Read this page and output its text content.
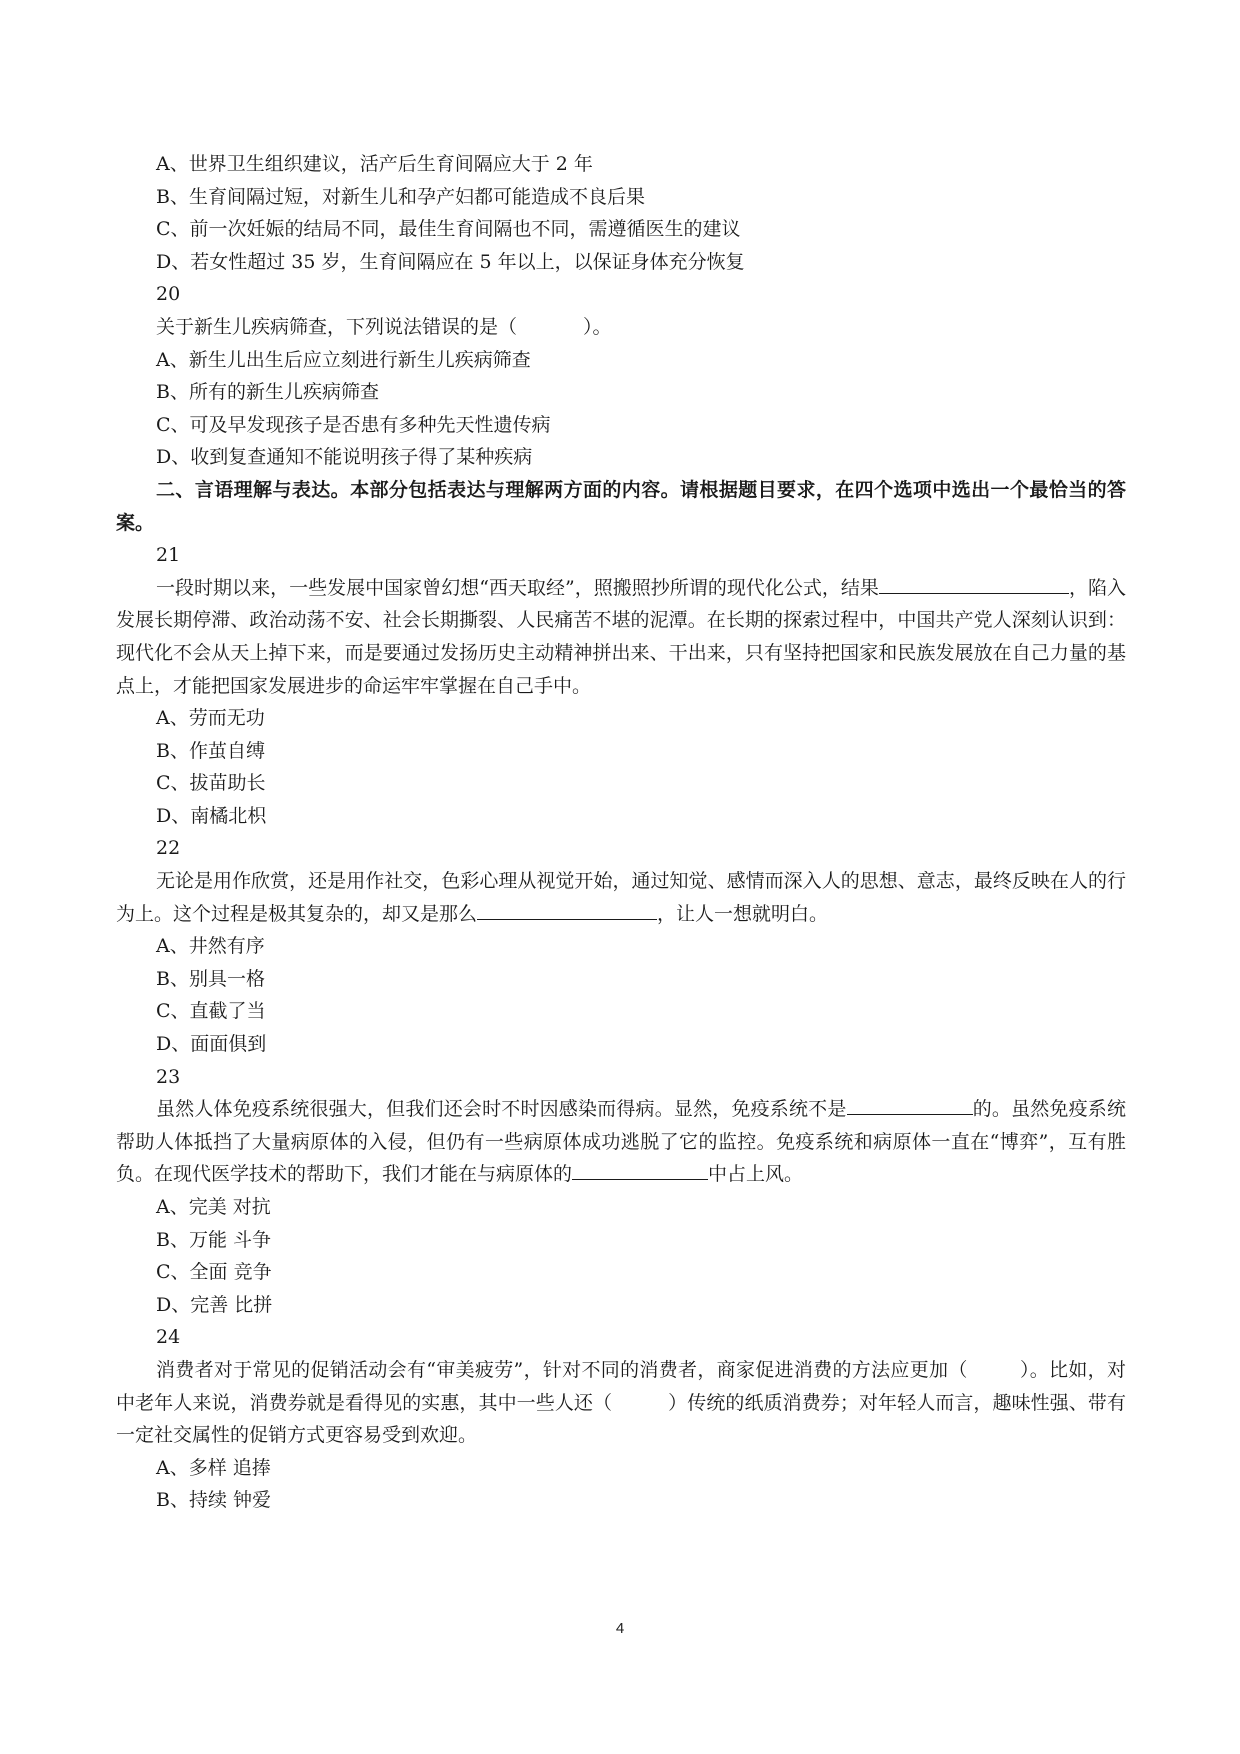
A、世界卫生组织建议，活产后生育间隔应大于 2 年

B、生育间隔过短，对新生儿和孕产妇都可能造成不良后果

C、前一次妊娠的结局不同，最佳生育间隔也不同，需遵循医生的建议

D、若女性超过 35 岁，生育间隔应在 5 年以上，以保证身体充分恢复

20

关于新生儿疾病筛查，下列说法错误的是（	）。

A、新生儿出生后应立刻进行新生儿疾病筛查

B、所有的新生儿疾病筛查

C、可及早发现孩子是否患有多种先天性遗传病

D、收到复查通知不能说明孩子得了某种疾病

二、言语理解与表达。本部分包括表达与理解两方面的内容。请根据题目要求，在四个选项中选出一个最恰当的答案。

21

一段时期以来，一些发展中国家曾幻想“西天取经”，照搬照抄所谓的现代化公式，结果	，陷入发展长期停滞、政治动荡不安、社会长期撕裂、人民痛苦不堪的泥潭。在长期的探索过程中，中国共产党人深刻认识到：现代化不会从天上掉下来，而是要通过发扬历史主动精神拼出来、干出来，只有坚持把国家和民族发展放在自己力量的基点上，才能把国家发展进步的命运牢牢掌握在自己手中。

A、劳而无功

B、作茧自缚

C、拔苗助长

D、南橘北枳

22

无论是用作欣赏，还是用作社交，色彩心理从视觉开始，通过知觉、感情而深入人的思想、意志，最终反映在人的行为上。这个过程是极其复杂的，却又是那么	，让人一想就明白。

A、井然有序

B、别具一格

C、直截了当

D、面面俱到

23

虽然人体免疫系统很强大，但我们还会时不时因感染而得病。显然，免疫系统不是	的。虽然免疫系统帮助人体抵挡了大量病原体的入侵，但仍有一些病原体成功逃脱了它的监控。免疫系统和病原体一直在“博弈”，互有胜负。在现代医学技术的帮助下，我们才能在与病原体的	中占上风。

A、完美 对抗

B、万能 斗争

C、全面 竞争

D、完善 比拼

24

消费者对于常见的促销活动会有“审美疲劳”，针对不同的消费者，商家促进消费的方法应更加（	）。比如，对中老年人来说，消费券就是看得见的实惠，其中一些人还（	）传统的纸质消费券；对年轻人而言，趣味性强、带有一定社交属性的促销方式更容易受到欢迎。

A、多样 追捧

B、持续 钟爱

4
